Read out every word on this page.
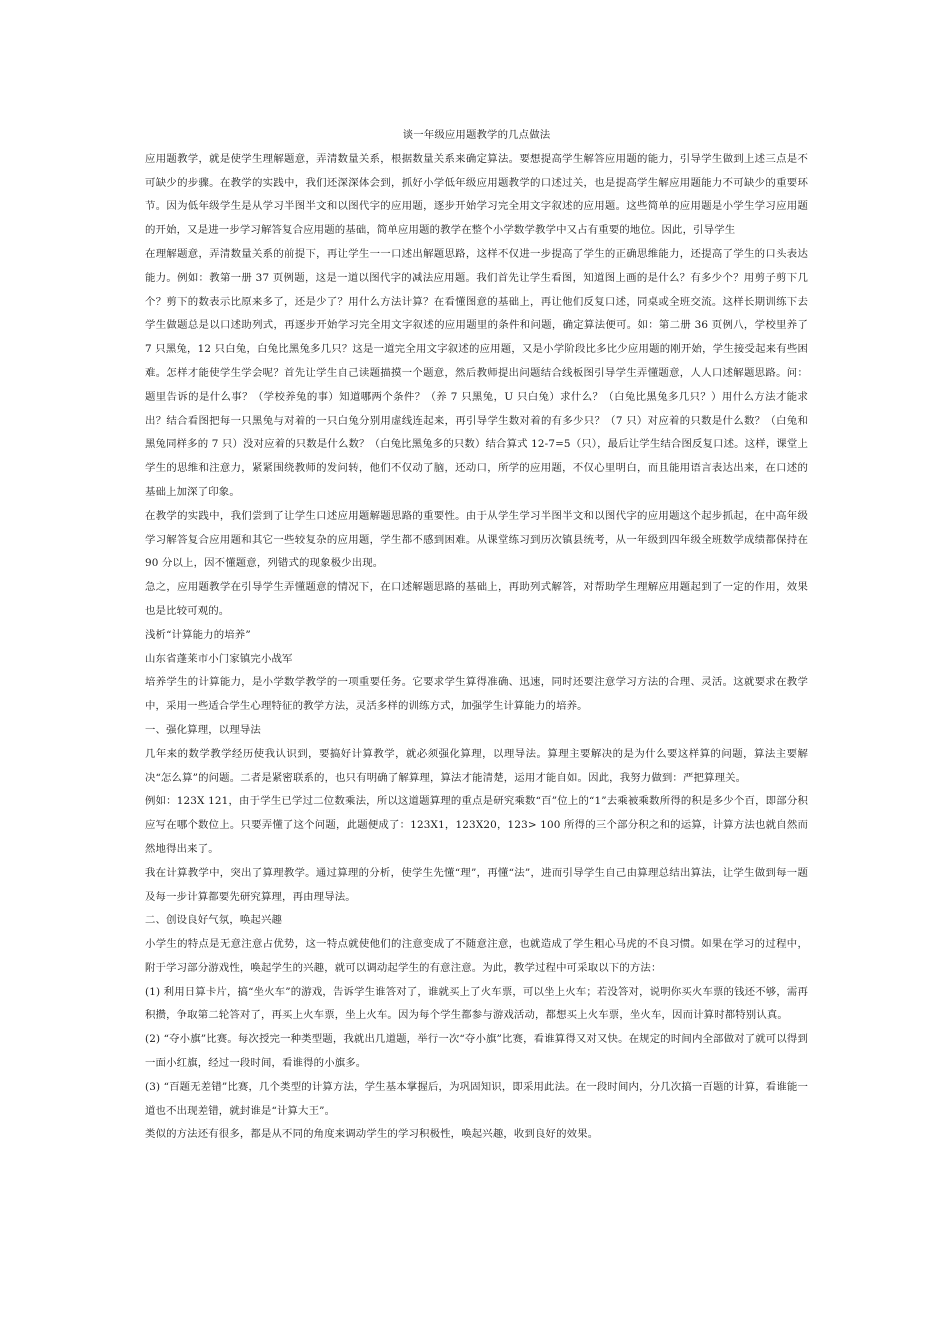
谈一年级应用题教学的几点做法

应用题教学，就是使学生理解题意，弄清数量关系，根据数量关系来确定算法。要想提高学生解答应用题的能力，引导学生做到上述三点是不可缺少的步骤。在教学的实践中，我们还深深体会到，抓好小学低年级应用题教学的口述过关，也是提高学生解应用题能力不可缺少的重要环节。因为低年级学生是从学习半图半文和以图代字的应用题，逐步开始学习完全用文字叙述的应用题。这些简单的应用题是小学生学习应用题的开始，又是进一步学习解答复合应用题的基础，简单应用题的教学在整个小学数学教学中又占有重要的地位。因此，引导学生

在理解题意，弄清数量关系的前提下，再让学生一一口述出解题思路，这样不仅进一步提高了学生的正确思维能力，还提高了学生的口头表达能力。例如：教第一册 37 页例题，这是一道以图代字的减法应用题。我们首先让学生看图，知道图上画的是什么？有多少个？用剪子剪下几个？剪下的数表示比原来多了，还是少了？用什么方法计算？在看懂图意的基础上，再让他们反复口述，同桌或全班交流。这样长期训练下去学生做题总是以口述助列式，再逐步开始学习完全用文字叙述的应用题里的条件和问题，确定算法便可。如：第二册 36 页例八，学校里养了 7 只黑兔，12 只白兔，白兔比黑兔多几只？这是一道完全用文字叙述的应用题，又是小学阶段比多比少应用题的刚开始，学生接受起来有些困难。怎样才能使学生学会呢？首先让学生自己读题描摸一个题意，然后教师提出问题结合线板图引导学生弄懂题意，人人口述解题思路。问：题里告诉的是什么事？（学校养兔的事）知道哪两个条件？（养 7 只黑兔，U 只白兔）求什么？（白兔比黑兔多几只？）用什么方法才能求出？结合看图把每一只黑兔与对着的一只白兔分别用虚线连起来，再引导学生数对着的有多少只？（7 只）对应着的只数是什么数？（白兔和黑兔同样多的 7 只）没对应着的只数是什么数？（白兔比黑兔多的只数）结合算式 12-7=5（只），最后让学生结合图反复口述。这样，课堂上学生的思维和注意力，紧紧围绕教师的发问转，他们不仅动了脑，还动口，所学的应用题，不仅心里明白，而且能用语言表达出来，在口述的基础上加深了印象。

在教学的实践中，我们尝到了让学生口述应用题解题思路的重要性。由于从学生学习半图半文和以图代字的应用题这个起步抓起，在中高年级学习解答复合应用题和其它一些较复杂的应用题，学生都不感到困难。从课堂练习到历次镇县统考，从一年级到四年级全班数学成绩都保持在 90 分以上，因不懂题意，列错式的现象极少出现。

急之，应用题教学在引导学生弄懂题意的情况下，在口述解题思路的基础上，再助列式解答，对帮助学生理解应用题起到了一定的作用，效果也是比较可观的。

浅析“计算能力的培养”

山东省蓬莱市小门家镇完小战军

培养学生的计算能力，是小学数学教学的一项重要任务。它要求学生算得准确、迅速，同时还要注意学习方法的合理、灵活。这就要求在教学中，采用一些适合学生心理特征的教学方法，灵活多样的训练方式，加强学生计算能力的培养。

一、强化算理，以理导法

几年来的数学教学经历使我认识到，要搞好计算教学，就必须强化算理，以理导法。算理主要解决的是为什么要这样算的问题，算法主要解决“怎么算”的问题。二者是紧密联系的，也只有明确了解算理，算法才能清楚，运用才能自如。因此，我努力做到：严把算理关。

例如：123X 121，由于学生已学过二位数乘法，所以这道题算理的重点是研究乘数“百”位上的“1”去乘被乘数所得的积是多少个百，即部分积应写在哪个数位上。只要弄懂了这个问题，此题便成了：123X1，123X20，123> 100 所得的三个部分积之和的运算，计算方法也就自然而然地得出来了。

我在计算教学中，突出了算理教学。通过算理的分析，使学生先懂“理”，再懂“法”，进而引导学生自己由算理总结出算法，让学生做到每一题及每一步计算都要先研究算理，再由理导法。

二、创设良好气氛，唤起兴趣

小学生的特点是无意注意占优势，这一特点就使他们的注意变成了不随意注意，也就造成了学生粗心马虎的不良习惯。如果在学习的过程中，附于学习部分游戏性，唤起学生的兴趣，就可以调动起学生的有意注意。为此，教学过程中可采取以下的方法：

(1) 利用日算卡片，搞“坐火车”的游戏，告诉学生谁答对了，谁就买上了火车票，可以坐上火车；若没答对，说明你买火车票的钱还不够，需再积攒，争取第二轮答对了，再买上火车票，坐上火车。因为每个学生都参与游戏活动，都想买上火车票，坐火车，因而计算时都特别认真。

(2) “夺小旗”比赛。每次授完一种类型题，我就出几道题，举行一次“夺小旗”比赛，看谁算得又对又快。在规定的时间内全部做对了就可以得到一面小红旗，经过一段时间，看谁得的小旗多。

(3) “百题无差错”比赛，几个类型的计算方法，学生基本掌握后，为巩固知识，即采用此法。在一段时间内，分几次搞一百题的计算，看谁能一道也不出现差错，就封谁是“计算大王”。

类似的方法还有很多，都是从不同的角度来调动学生的学习积极性，唤起兴趣，收到良好的效果。
